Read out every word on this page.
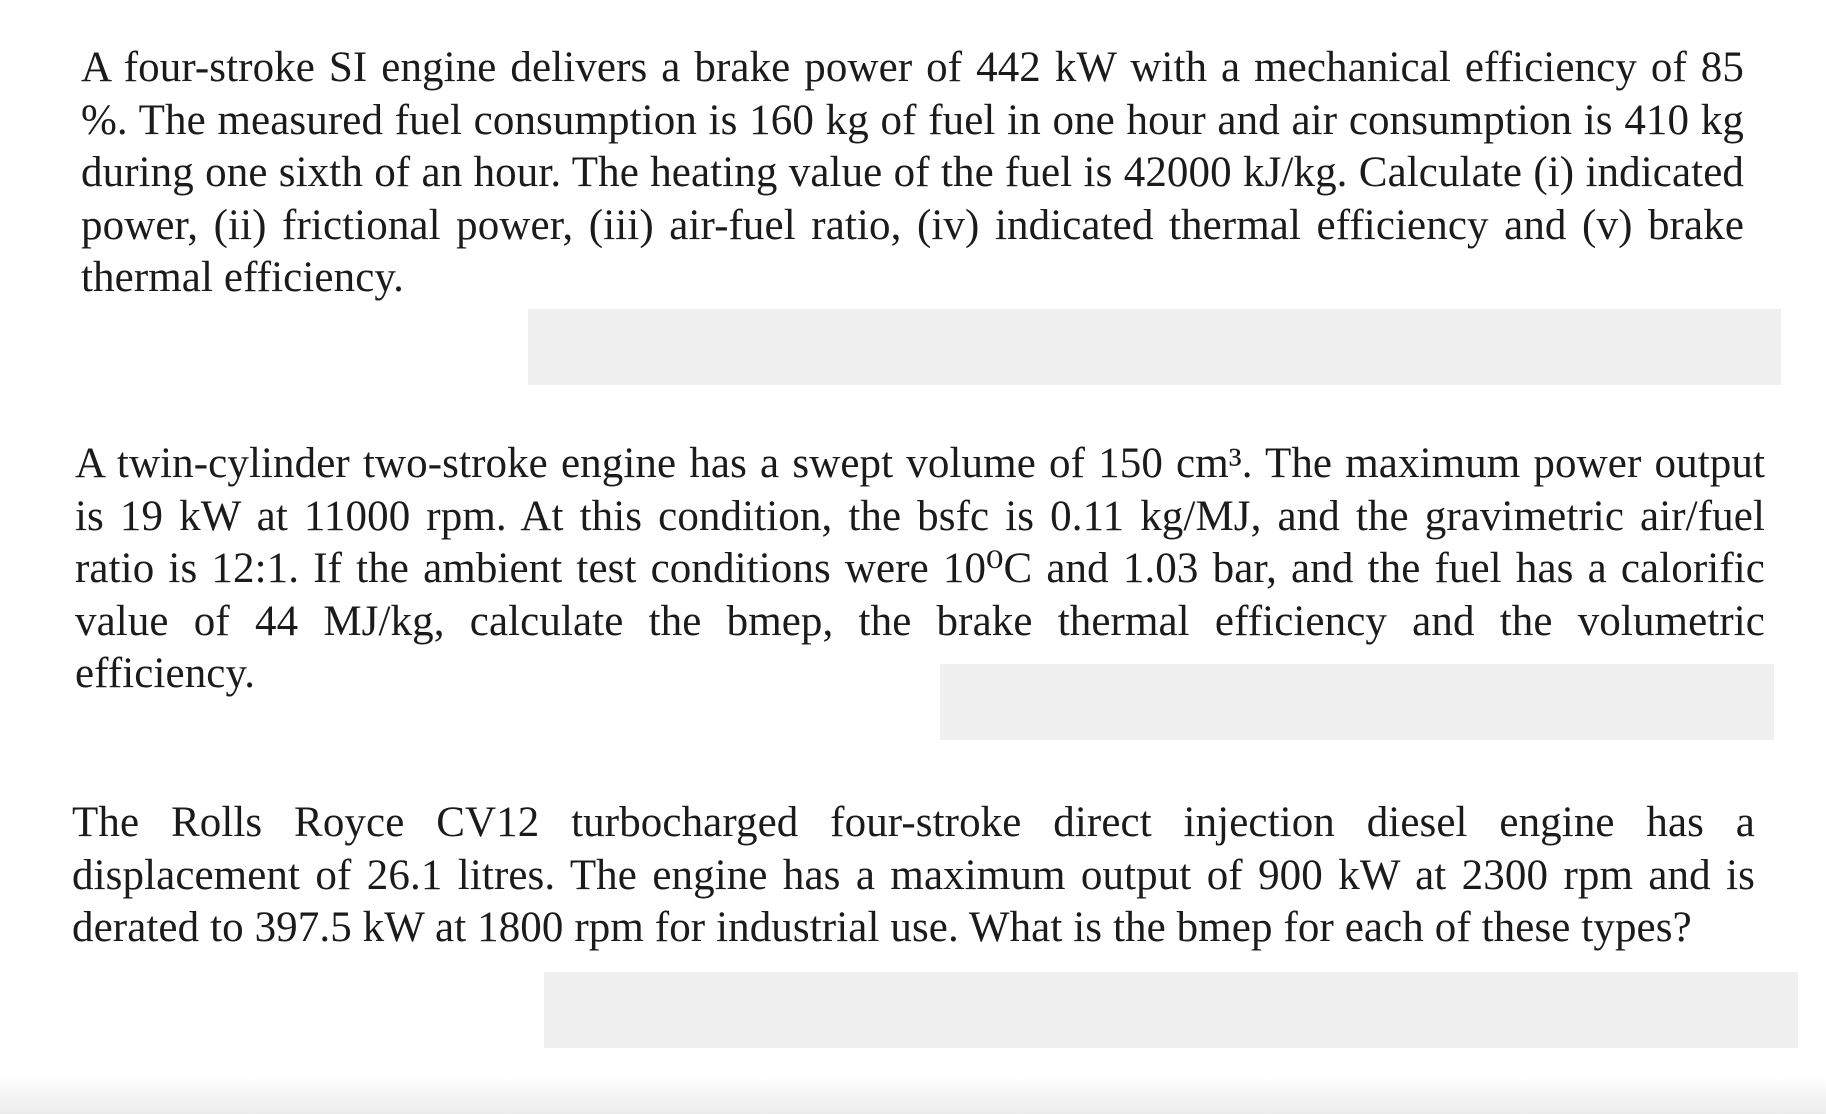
A four-stroke SI engine delivers a brake power of 442 kW with a mechanical efficiency of 85 %. The measured fuel consumption is 160 kg of fuel in one hour and air consumption is 410 kg during one sixth of an hour. The heating value of the fuel is 42000 kJ/kg. Calculate (i) indicated power, (ii) frictional power, (iii) air-fuel ratio, (iv) indicated thermal efficiency and (v) brake thermal efficiency.

A twin-cylinder two-stroke engine has a swept volume of 150 cm³. The maximum power output is 19 kW at 11000 rpm. At this condition, the bsfc is 0.11 kg/MJ, and the gravimetric air/fuel ratio is 12:1. If the ambient test conditions were 10⁰C and 1.03 bar, and the fuel has a calorific value of 44 MJ/kg, calculate the bmep, the brake thermal efficiency and the volumetric efficiency.

The Rolls Royce CV12 turbocharged four-stroke direct injection diesel engine has a displacement of 26.1 litres. The engine has a maximum output of 900 kW at 2300 rpm and is derated to 397.5 kW at 1800 rpm for industrial use. What is the bmep for each of these types?
